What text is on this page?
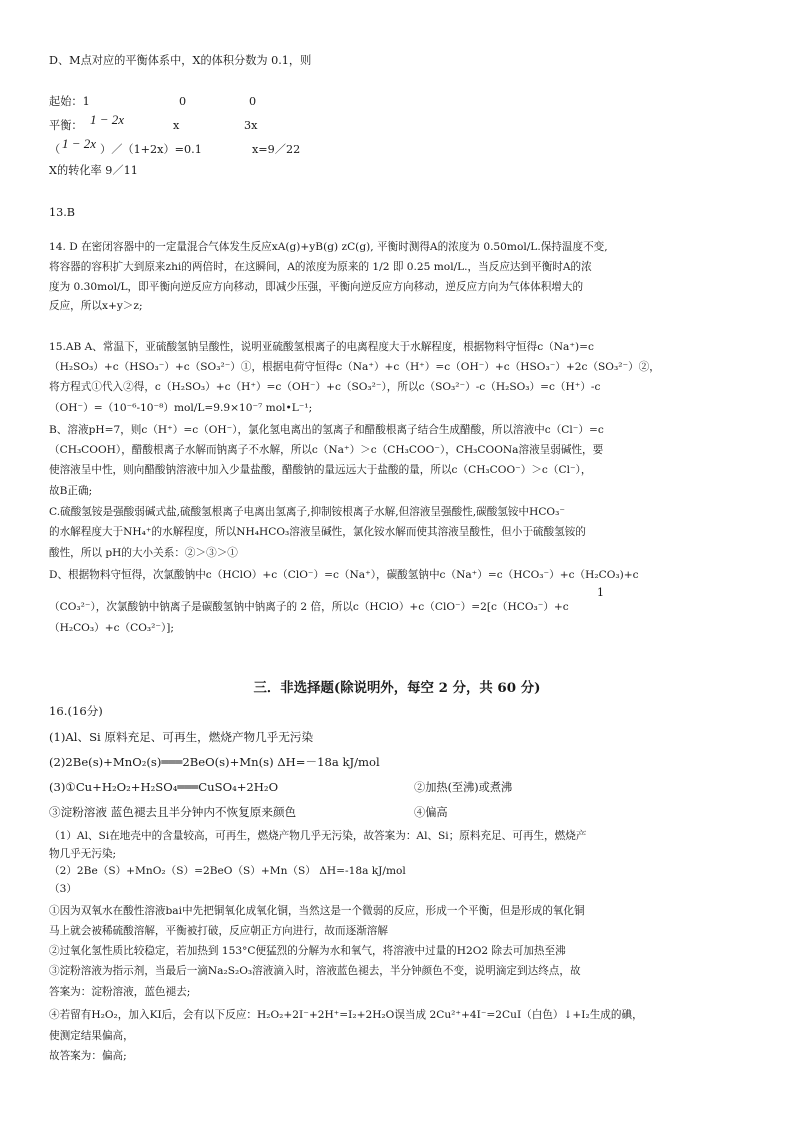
D、M点对应的平衡体系中，X的体积分数为 0.1，则
起始：1	0	0
平衡： 1 − 2x	x	3x
（ 1 − 2x ）／（1+2x）=0.1	x=9／22
X的转化率 9／11
13.B
14. D 在密闭容器中的一定量混合气体发生反应xA(g)+yB(g) zC(g), 平衡时测得A的浓度为 0.50mol/L.保持温度不变,
将容器的容积扩大到原来zhi的两倍时，在这瞬间，A的浓度为原来的 1/2 即 0.25 mol/L.，当反应达到平衡时A的浓
度为 0.30mol/L，即平衡向逆反应方向移动，即减少压强，平衡向逆反应方向移动，逆反应方向为气体体积增大的
反应，所以x+y＞z;
15.AB A、常温下，亚硫酸氢钠呈酸性，说明亚硫酸氢根离子的电离程度大于水解程度，根据物料守恒得c（Na⁺)=c
（H₂SO₃）+c（HSO₃⁻）+c（SO₃²⁻）①，根据电荷守恒得c（Na⁺）+c（H⁺）=c（OH⁻）+c（HSO₃⁻）+2c（SO₃²⁻）②，
将方程式①代入②得，c（H₂SO₃）+c（H⁺）=c（OH⁻）+c（SO₃²⁻），所以c（SO₃²⁻）-c（H₂SO₃）=c（H⁺）-c
（OH⁻）=（10⁻⁶-10⁻⁸）mol/L=9.9×10⁻⁷ mol•L⁻¹;
B、溶液pH=7，则c（H⁺）=c（OH⁻），氯化氢电离出的氢离子和醋酸根离子结合生成醋酸，所以溶液中c（Cl⁻）=c
（CH₃COOH），醋酸根离子水解而钠离子不水解，所以c（Na⁺）＞c（CH₃COO⁻），CH₃COONa溶液呈弱碱性，要
使溶液呈中性，则向醋酸钠溶液中加入少量盐酸，醋酸钠的量远远大于盐酸的量，所以c（CH₃COO⁻）＞c（Cl⁻），
故B正确;
C.硫酸氢铵是强酸弱碱式盐,硫酸氢根离子电离出氢离子,抑制铵根离子水解,但溶液呈强酸性,碳酸氢铵中HCO₃⁻
的水解程度大于NH₄⁺的水解程度，所以NH₄HCO₃溶液呈碱性，氯化铵水解而使其溶液呈酸性，但小于硫酸氢铵的
酸性，所以 pH的大小关系：②＞③＞①
D、根据物料守恒得，次氯酸钠中c（HClO）+c（ClO⁻）=c（Na⁺），碳酸氢钠中c（Na⁺）=c（HCO₃⁻）+c（H₂CO₃)+c
1
（CO₃²⁻），次氯酸钠中钠离子是碳酸氢钠中钠离子的 2 倍，所以c（HClO）+c（ClO⁻）=2[c（HCO₃⁻）+c
（H₂CO₃）+c（CO₃²⁻）];
三．非选择题(除说明外，每空 2 分，共 60 分)
16.(16分)
(1)Al、Si 原料充足、可再生，燃烧产物几乎无污染
(2)2Be(s)+MnO₂(s)═══2BeO(s)+Mn(s) ΔH=－18a kJ/mol
(3)①Cu+H₂O₂+H₂SO₄═══CuSO₄+2H₂O	②加热(至沸)或煮沸
③淀粉溶液 蓝色褪去且半分钟内不恢复原来颜色	④偏高
（1）Al、Si在地壳中的含量较高，可再生，燃烧产物几乎无污染，故答案为：Al、Si；原料充足、可再生，燃烧产
物几乎无污染;
（2）2Be（S）+MnO₂（S）=2BeO（S）+Mn（S） ΔH=-18a kJ/mol
（3）
①因为双氧水在酸性溶液bai中先把铜氧化成氧化铜，当然这是一个微弱的反应，形成一个平衡，但是形成的氧化铜
马上就会被稀硫酸溶解，平衡被打破，反应朝正方向进行，故而逐渐溶解
②过氧化氢性质比较稳定，若加热到 153°C便猛烈的分解为水和氧气，将溶液中过量的H2O2 除去可加热至沸
③淀粉溶液为指示剂，当最后一滴Na₂S₂O₃溶液滴入时，溶液蓝色褪去，半分钟颜色不变，说明滴定到达终点，故
答案为：淀粉溶液，蓝色褪去;
④若留有H₂O₂，加入KI后，会有以下反应：H₂O₂+2I⁻+2H⁺=I₂+2H₂O误当成 2Cu²⁺+4I⁻=2CuI（白色）↓+I₂生成的碘，
使测定结果偏高，
故答案为：偏高;
